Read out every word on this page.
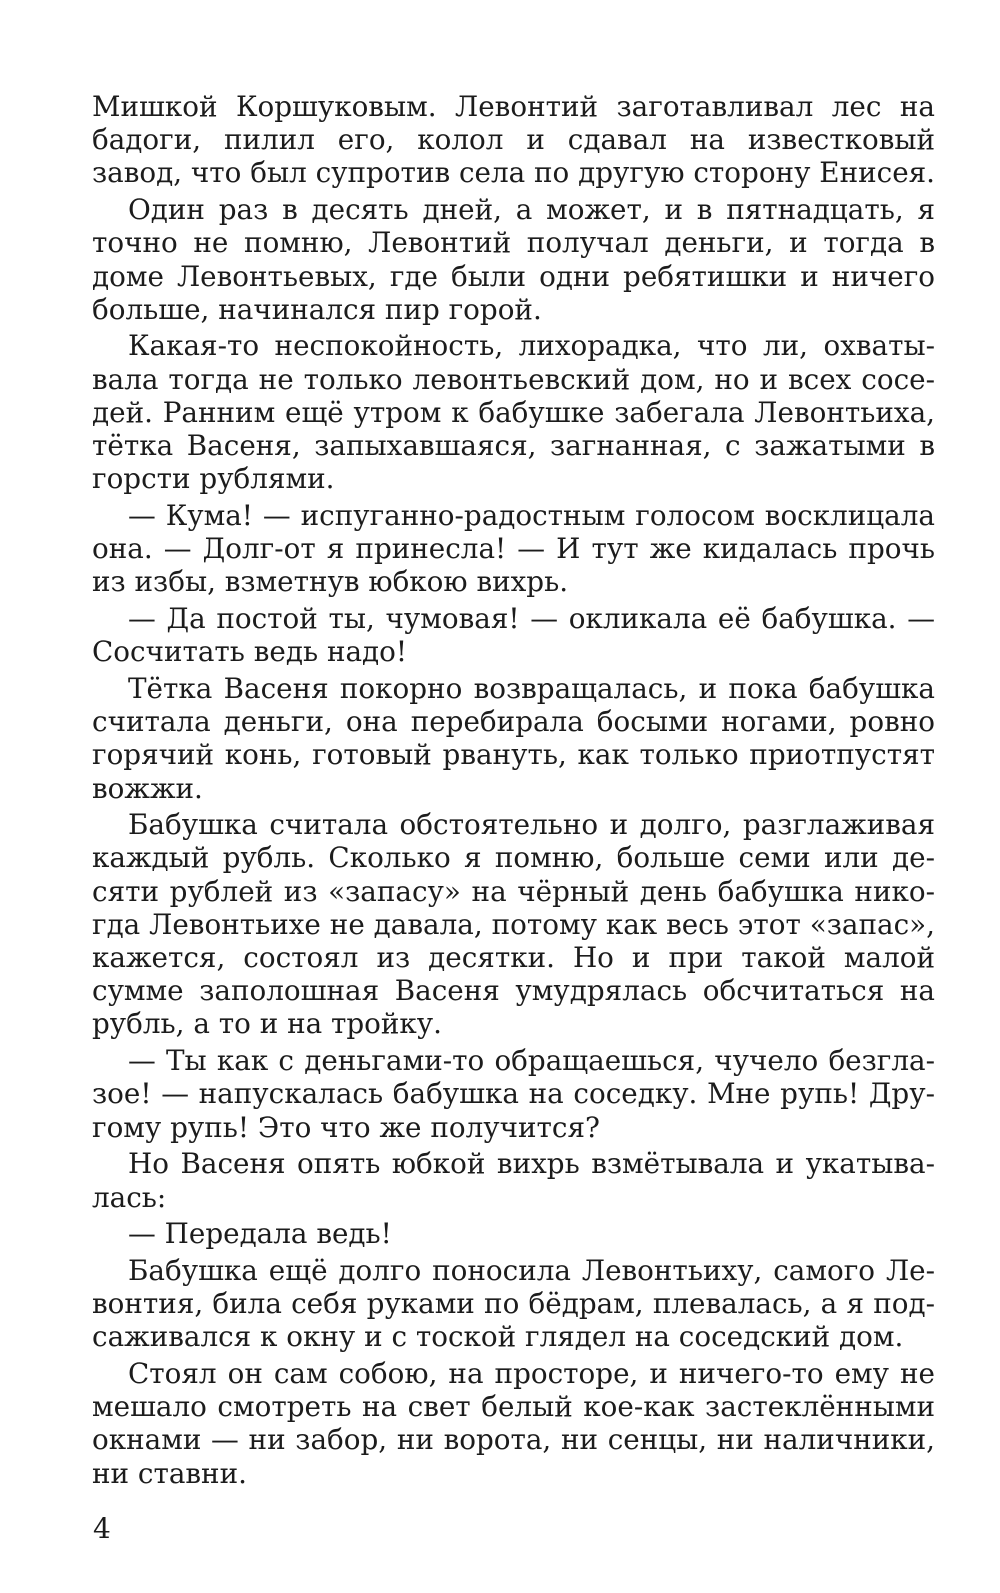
Мишкой Коршуковым. Левонтий заготавливал лес на бадоги, пилил его, колол и сдавал на известковый завод, что был супротив села по другую сторону Енисея.

Один раз в десять дней, а может, и в пятнадцать, я точно не помню, Левонтий получал деньги, и тогда в доме Левонтьевых, где были одни ребятишки и ничего больше, начинался пир горой.

Какая-то неспокойность, лихорадка, что ли, охватывала тогда не только левонтьевский дом, но и всех соседей. Ранним ещё утром к бабушке забегала Левонтьиха, тётка Васеня, запыхавшаяся, загнанная, с зажатыми в горсти рублями.

— Кума! — испуганно-радостным голосом восклицала она. — Долг-от я принесла! — И тут же кидалась прочь из избы, взметнув юбкою вихрь.

— Да постой ты, чумовая! — окликала её бабушка. — Сосчитать ведь надо!

Тётка Васеня покорно возвращалась, и пока бабушка считала деньги, она перебирала босыми ногами, ровно горячий конь, готовый рвануть, как только приотпустят вожжи.

Бабушка считала обстоятельно и долго, разглаживая каждый рубль. Сколько я помню, больше семи или десяти рублей из «запасу» на чёрный день бабушка никогда Левонтьихе не давала, потому как весь этот «запас», кажется, состоял из десятки. Но и при такой малой сумме заполошная Васеня умудрялась обсчитаться на рубль, а то и на тройку.

— Ты как с деньгами-то обращаешься, чучело безглазое! — напускалась бабушка на соседку. Мне рупь! Другому рупь! Это что же получится?

Но Васеня опять юбкой вихрь взмётывала и укатывалась:

— Передала ведь!

Бабушка ещё долго поносила Левонтьиху, самого Левонтия, била себя руками по бёдрам, плевалась, а я подсаживался к окну и с тоской глядел на соседский дом.

Стоял он сам собою, на просторе, и ничего-то ему не мешало смотреть на свет белый кое-как застеклёнными окнами — ни забор, ни ворота, ни сенцы, ни наличники, ни ставни.

4
